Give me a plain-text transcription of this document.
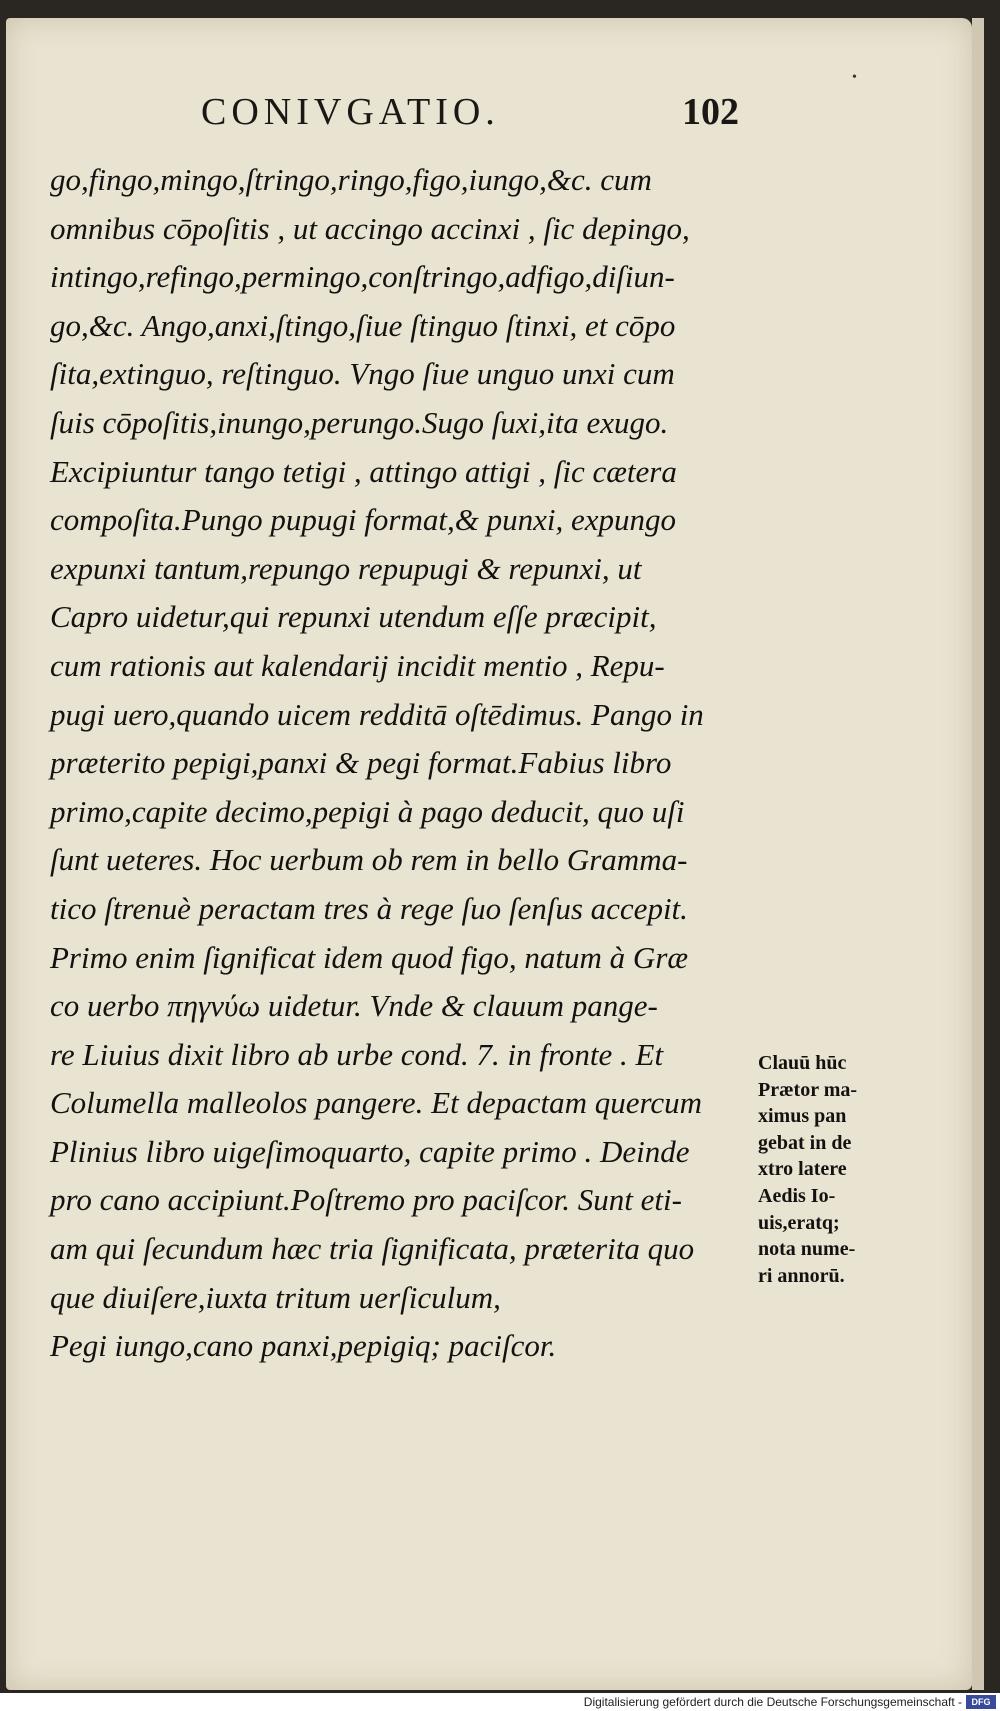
CONIVGATIO.	102
•
go,fingo,mingo,ſtringo,ringo,figo,iungo,&c. cum
omnibus cōpoſitis , ut accingo accinxi , ſic depingo,
intingo,refingo,permingo,conſtringo,adfigo,diſiun-
go,&c. Ango,anxi,ſtingo,ſiue ſtinguo ſtinxi, et cōpo
ſita,extinguo, reſtinguo. Vngo ſiue unguo unxi cum
ſuis cōpoſitis,inungo,perungo.Sugo ſuxi,ita exugo.
Excipiuntur tango tetigi , attingo attigi , ſic cætera
compoſita.Pungo pupugi format,& punxi, expungo
expunxi tantum,repungo repupugi & repunxi, ut
Capro uidetur,qui repunxi utendum eſſe præcipit,
cum rationis aut kalendarij incidit mentio , Repu-
pugi uero,quando uicem redditā oſtēdimus. Pango in
præterito pepigi,panxi & pegi format.Fabius libro
primo,capite decimo,pepigi à pago deducit, quo uſi
ſunt ueteres. Hoc uerbum ob rem in bello Gramma-
tico ſtrenuè peractam tres à rege ſuo ſenſus accepit.
Primo enim ſignificat idem quod figo, natum à Græ
co uerbo πηγνύω uidetur. Vnde & clauum pange-
re Liuius dixit libro ab urbe cond. 7. in fronte . Et
Columella malleolos pangere. Et depactam quercum
Plinius libro uigeſimoquarto, capite primo . Deinde
pro cano accipiunt.Poſtremo pro paciſcor. Sunt eti-
am qui ſecundum hæc tria ſignificata, præterita quo
que diuiſere,iuxta tritum uerſiculum,
Pegi iungo,cano panxi,pepigiq; paciſcor.
Clauū hūc
Prætor ma-
ximus pan
gebat in de
xtro latere
Aedis Io-
uis,eratq;
nota nume-
ri annorū.
Digitalisierung gefördert durch die Deutsche Forschungsgemeinschaft -	DFG
